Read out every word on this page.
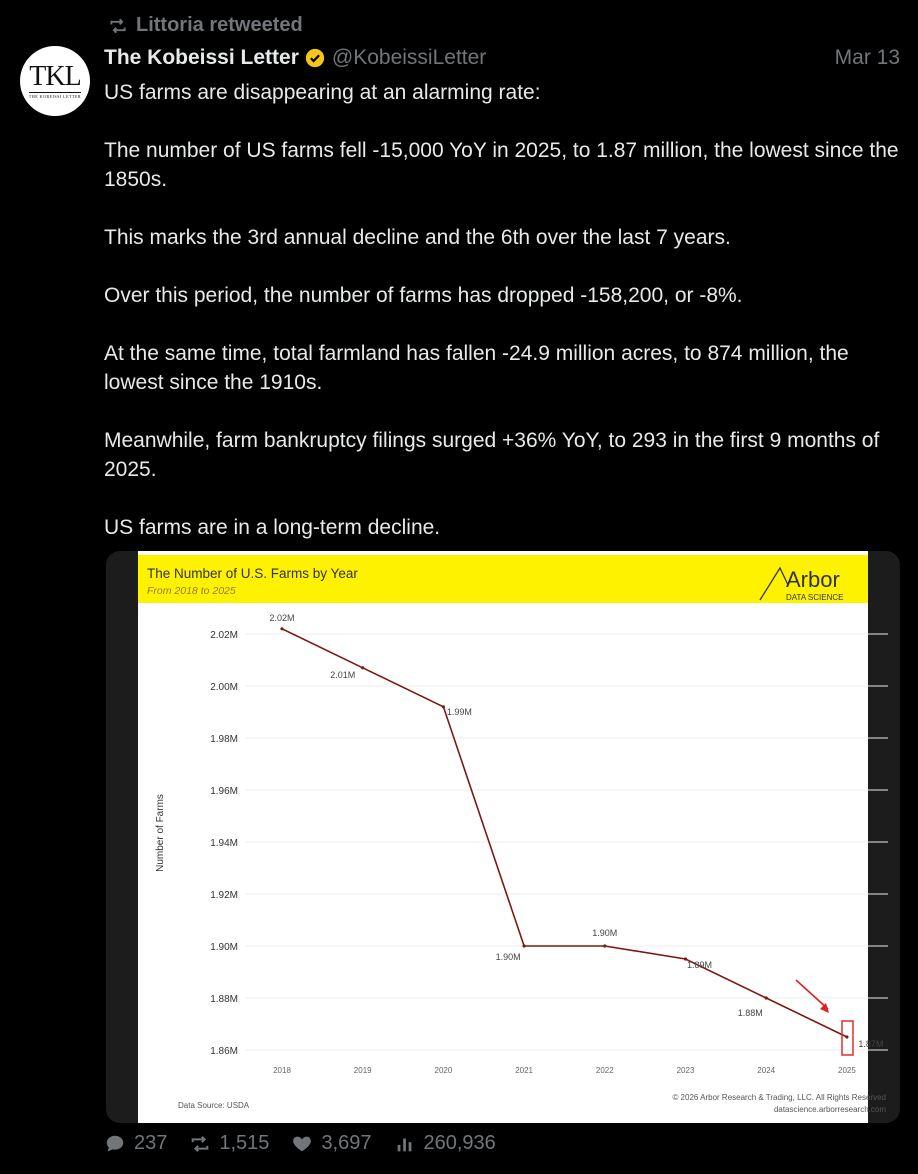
Littoria retweeted
TKL
THE KOBEISSI LETTER
The Kobeissi Letter @KobeissiLetter	Mar 13

US farms are disappearing at an alarming rate:

The number of US farms fell -15,000 YoY in 2025, to 1.87 million, the lowest since the 1850s.

This marks the 3rd annual decline and the 6th over the last 7 years.

Over this period, the number of farms has dropped -158,200, or -8%.

At the same time, total farmland has fallen -24.9 million acres, to 874 million, the lowest since the 1910s.

Meanwhile, farm bankruptcy filings surged +36% YoY, to 293 in the first 9 months of 2025.

US farms are in a long-term decline.

The Number of U.S. Farms by Year
From 2018 to 2025	Arbor
DATA SCIENCE
2.02M
2.00M
1.98M
1.96M
1.94M
1.92M
1.90M
1.88M
1.86M
2018	2019	2020	2021	2022	2023	2024	2025
Number of Farms
2.02M
2.01M
1.99M
1.90M
1.90M
1.89M
1.88M
1.87M
Data Source: USDA
© 2026 Arbor Research & Trading, LLC. All Rights Reserved
datascience.arborresearch.com
237	1,515	3,697	260,936
